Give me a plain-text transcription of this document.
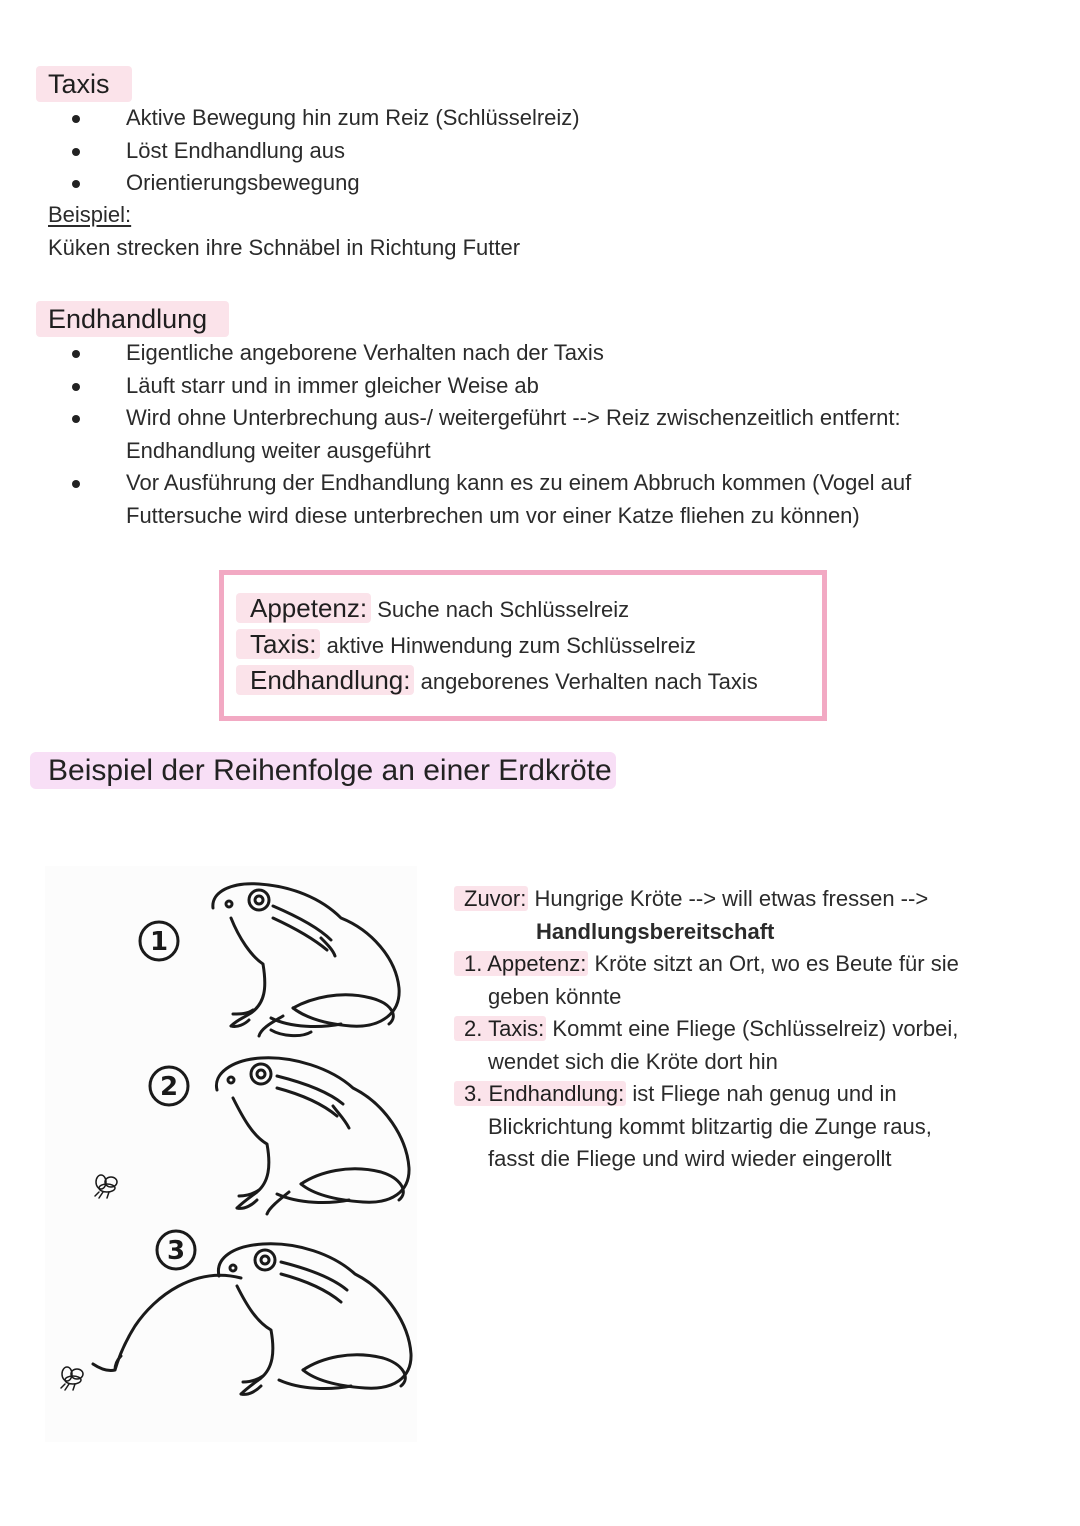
Taxis
Aktive Bewegung hin zum Reiz (Schlüsselreiz)
Löst Endhandlung aus
Orientierungsbewegung
Beispiel:
Küken strecken ihre Schnäbel in Richtung Futter
Endhandlung
Eigentliche angeborene Verhalten nach der Taxis
Läuft starr und in immer gleicher Weise ab
Wird ohne Unterbrechung aus-/ weitergeführt --> Reiz zwischenzeitlich entfernt:
Endhandlung weiter ausgeführt
Vor Ausführung der Endhandlung kann es zu einem Abbruch kommen (Vogel auf
Futtersuche wird diese unterbrechen um vor einer Katze fliehen zu können)
Appetenz: Suche nach Schlüsselreiz
Taxis: aktive Hinwendung zum Schlüsselreiz
Endhandlung: angeborenes Verhalten nach Taxis
Beispiel der Reihenfolge an einer Erdkröte
1
2
3
Zuvor: Hungrige Kröte --> will etwas fressen -->
Handlungsbereitschaft
1. Appetenz: Kröte sitzt an Ort, wo es Beute für sie
geben könnte
2. Taxis: Kommt eine Fliege (Schlüsselreiz) vorbei,
wendet sich die Kröte dort hin
3. Endhandlung: ist Fliege nah genug und in
Blickrichtung kommt blitzartig die Zunge raus,
fasst die Fliege und wird wieder eingerollt
